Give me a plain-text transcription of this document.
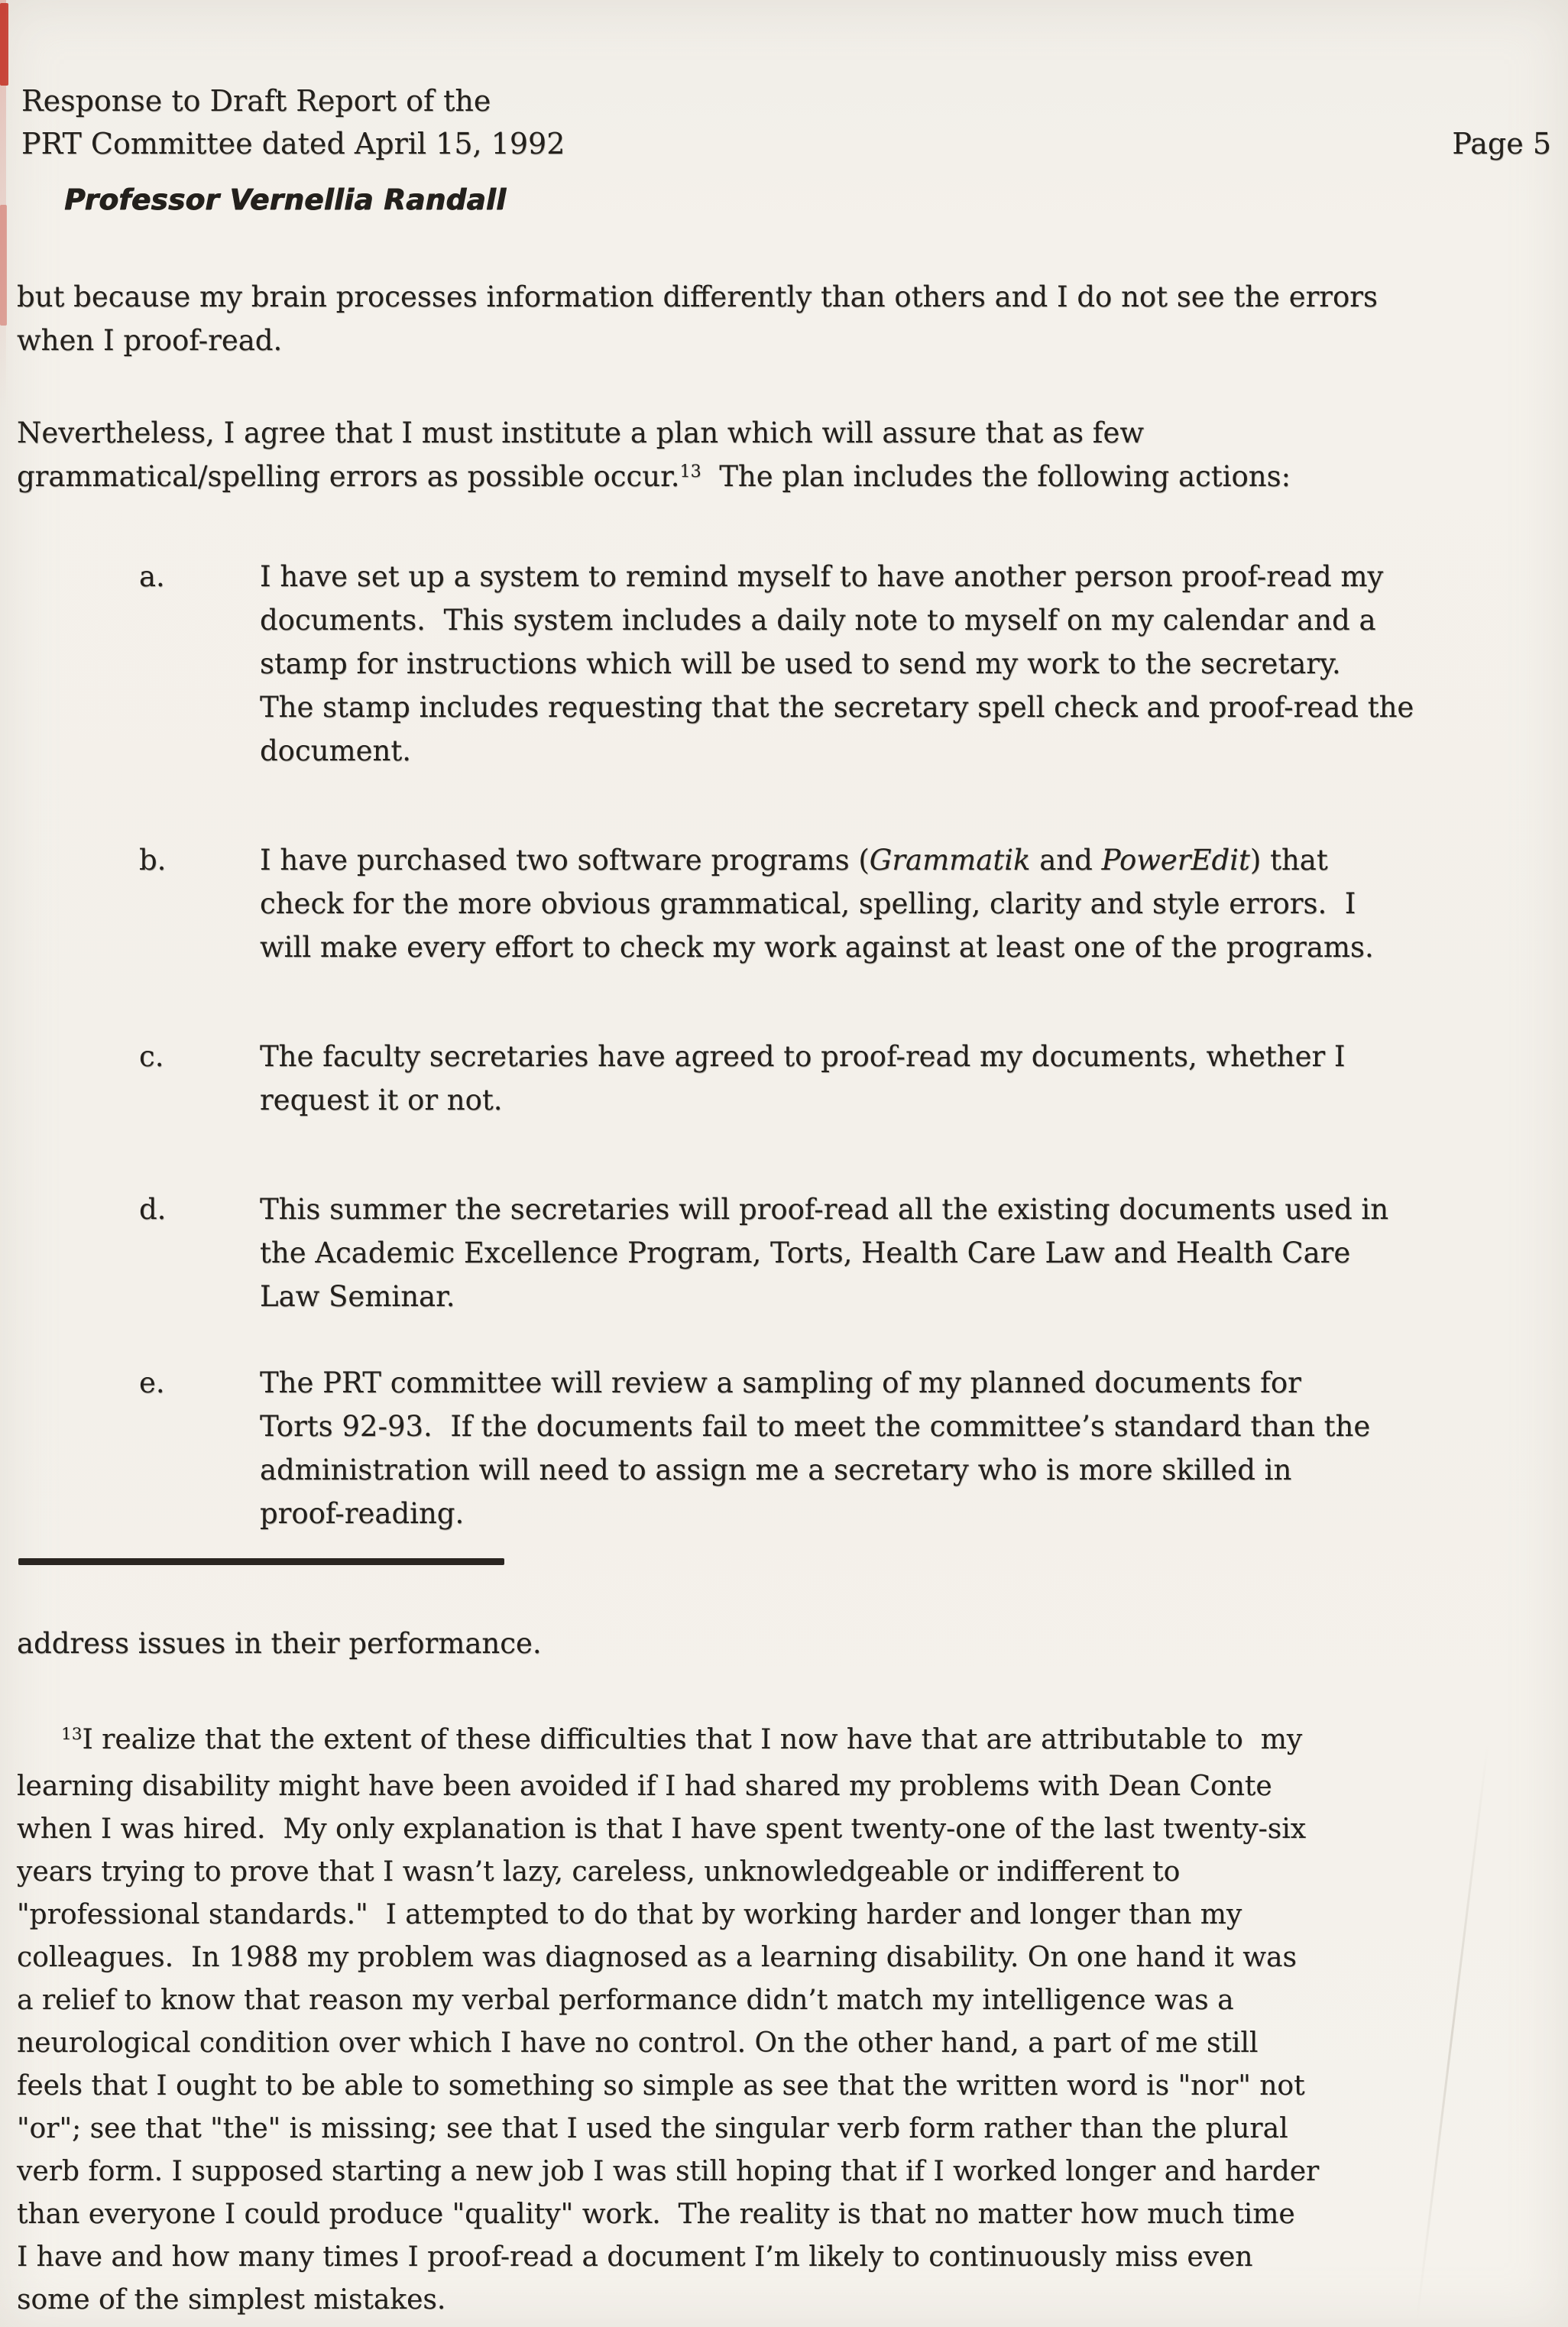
Response to Draft Report of the
PRT Committee dated April 15, 1992	Page 5
Professor Vernellia Randall

but because my brain processes information differently than others and I do not see the errors
when I proof-read.

Nevertheless, I agree that I must institute a plan which will assure that as few
grammatical/spelling errors as possible occur.$^{13}$  The plan includes the following actions:

a.	I have set up a system to remind myself to have another person proof-read my
documents.  This system includes a daily note to myself on my calendar and a
stamp for instructions which will be used to send my work to the secretary.
The stamp includes requesting that the secretary spell check and proof-read the
document.
b.	I have purchased two software programs (Grammatik and PowerEdit) that
check for the more obvious grammatical, spelling, clarity and style errors.  I
will make every effort to check my work against at least one of the programs.
c.	The faculty secretaries have agreed to proof-read my documents, whether I
request it or not.
d.	This summer the secretaries will proof-read all the existing documents used in
the Academic Excellence Program, Torts, Health Care Law and Health Care
Law Seminar.
e.	The PRT committee will review a sampling of my planned documents for
Torts 92-93.  If the documents fail to meet the committee’s standard than the
administration will need to assign me a secretary who is more skilled in
proof-reading.

address issues in their performance.

$^{13}$I realize that the extent of these difficulties that I now have that are attributable to  my
learning disability might have been avoided if I had shared my problems with Dean Conte
when I was hired.  My only explanation is that I have spent twenty-one of the last twenty-six
years trying to prove that I wasn’t lazy, careless, unknowledgeable or indifferent to
"professional standards."  I attempted to do that by working harder and longer than my
colleagues.  In 1988 my problem was diagnosed as a learning disability. On one hand it was
a relief to know that reason my verbal performance didn’t match my intelligence was a
neurological condition over which I have no control. On the other hand, a part of me still
feels that I ought to be able to something so simple as see that the written word is "nor" not
"or"; see that "the" is missing; see that I used the singular verb form rather than the plural
verb form. I supposed starting a new job I was still hoping that if I worked longer and harder
than everyone I could produce "quality" work.  The reality is that no matter how much time
I have and how many times I proof-read a document I’m likely to continuously miss even
some of the simplest mistakes.
